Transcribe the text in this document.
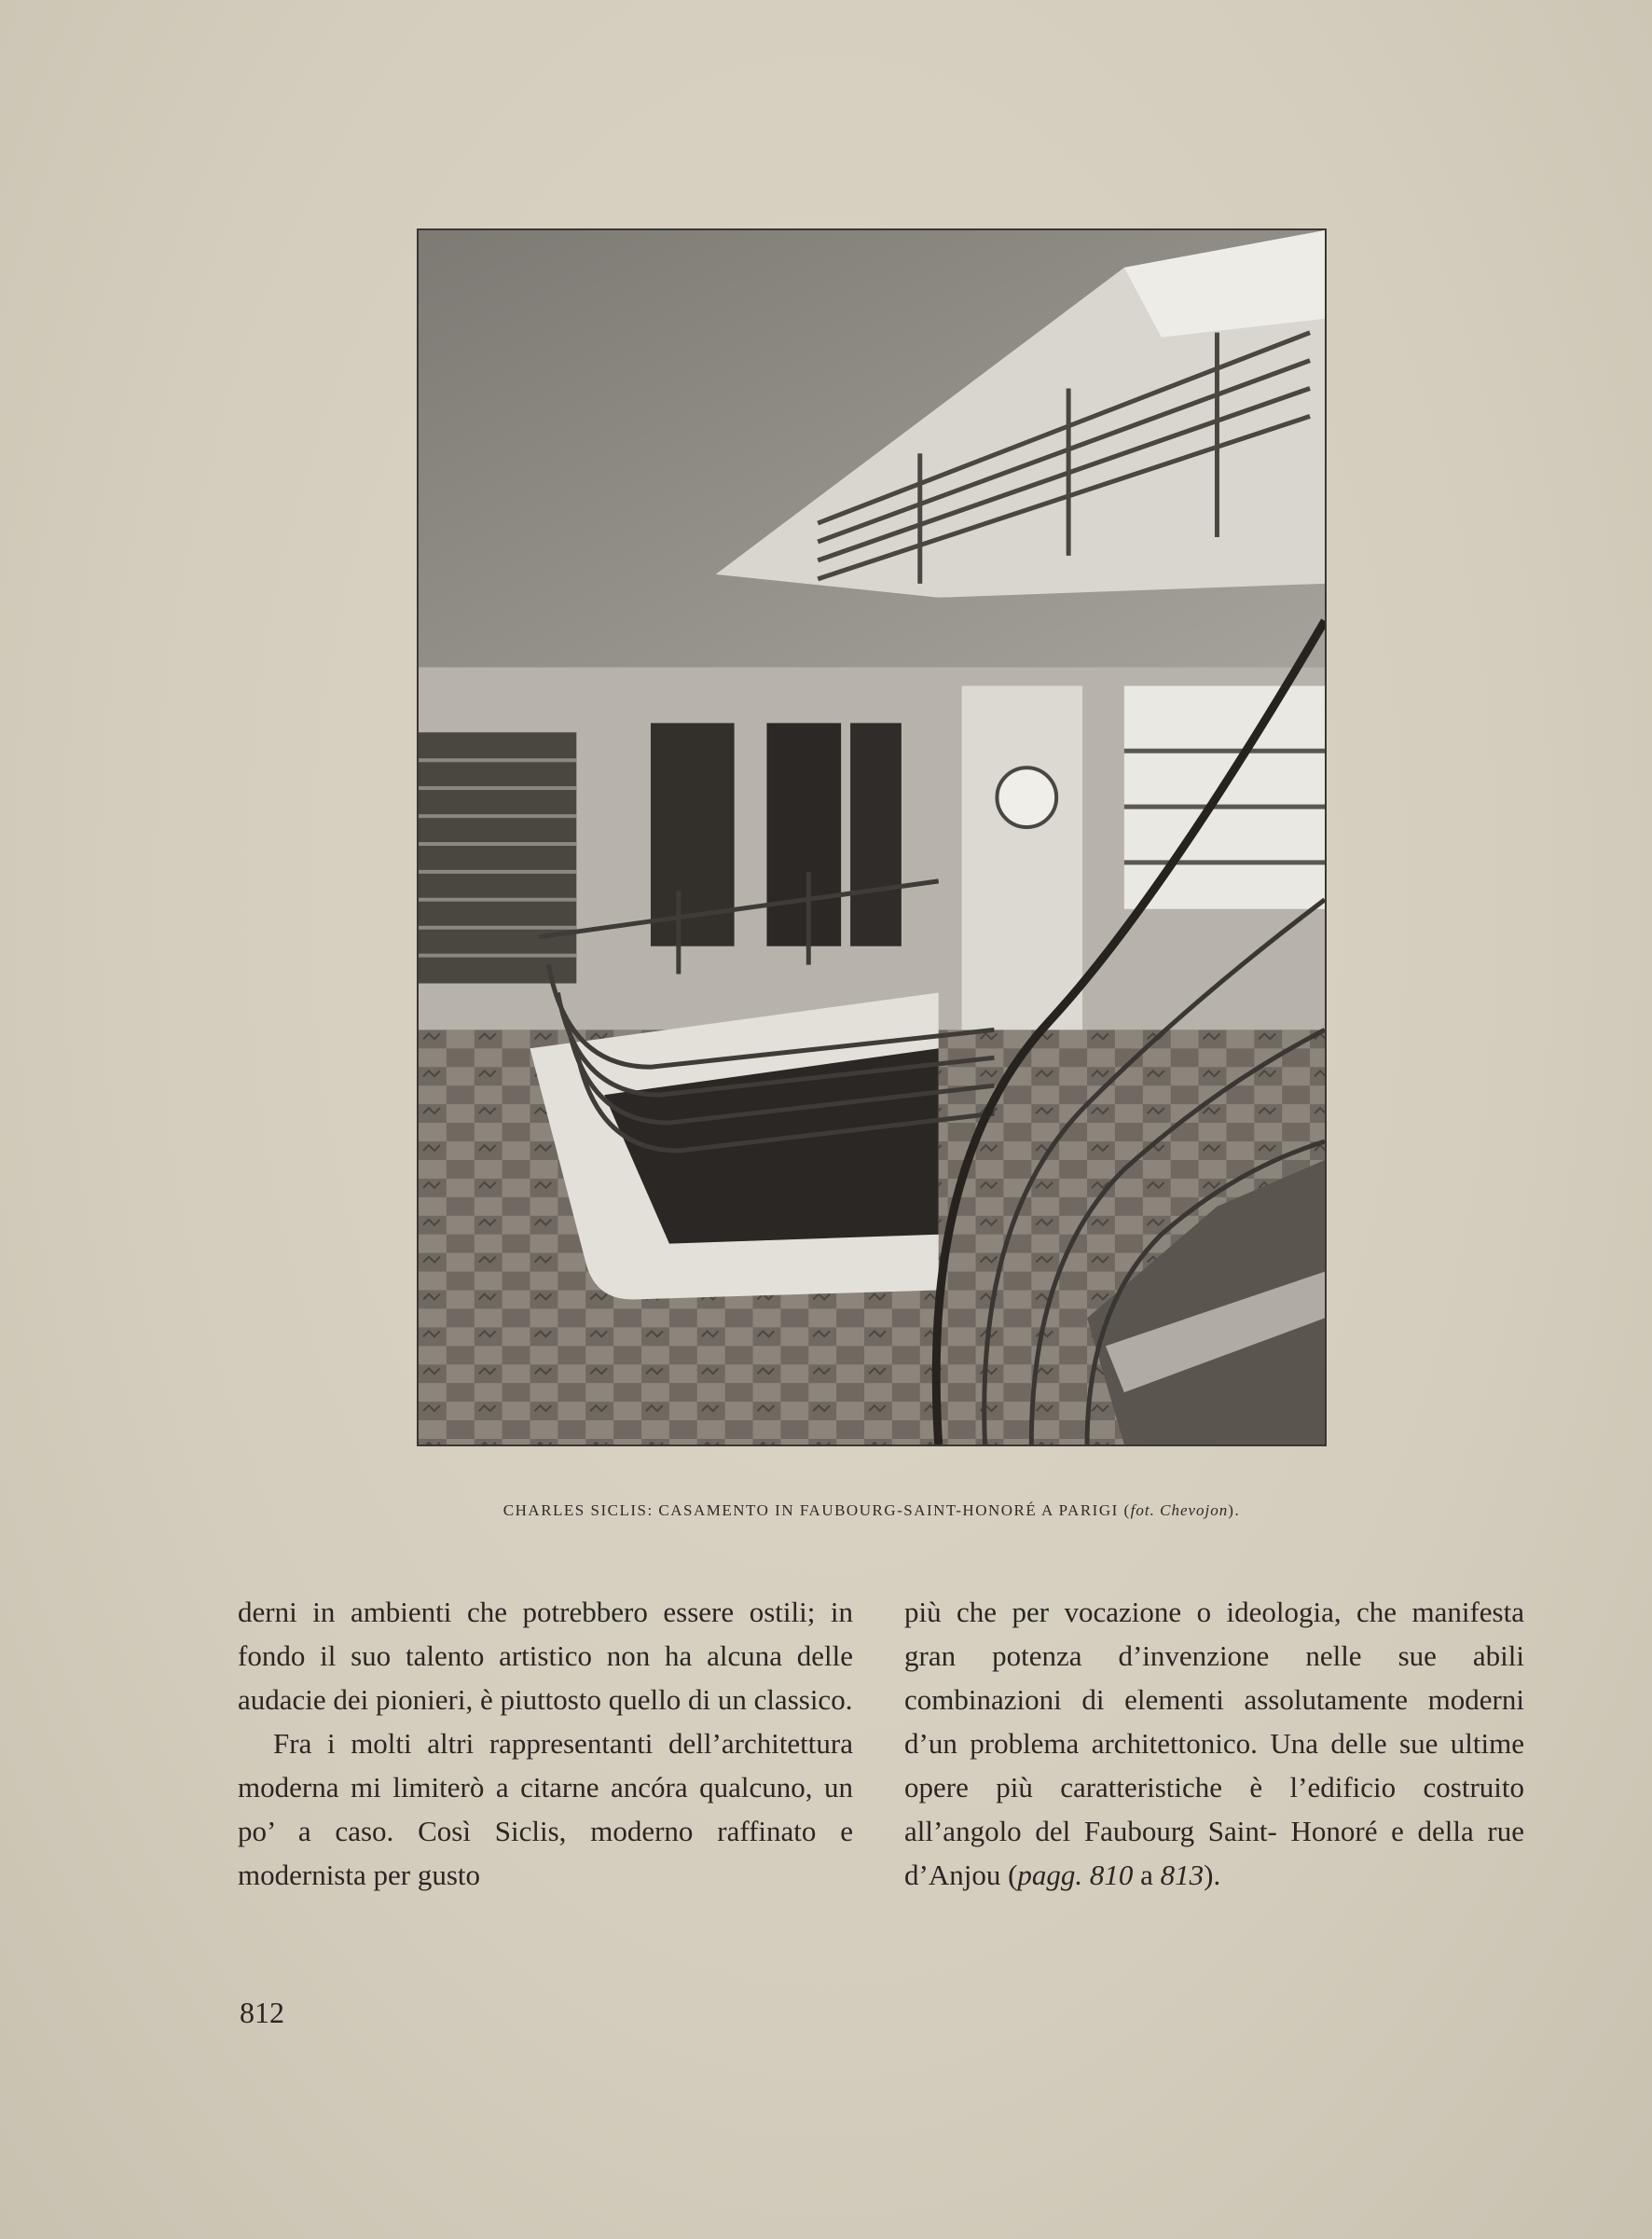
CHARLES SICLIS: CASAMENTO IN FAUBOURG-SAINT-HONORÉ A PARIGI (fot. Chevojon).

derni in ambienti che potrebbero essere ostili; in fondo il suo talento artistico non ha alcuna delle audacie dei pionieri, è piuttosto quello di un classico.

Fra i molti altri rappresentanti dell’architettura moderna mi limiterò a citarne ancóra qualcuno, un po’ a caso. Così Siclis, moderno raffinato e modernista per gusto

più che per vocazione o ideologia, che manifesta gran potenza d’invenzione nelle sue abili combinazioni di elementi assolutamente moderni d’un problema architettonico. Una delle sue ultime opere più caratteristiche è l’edificio costruito all’angolo del Faubourg Saint- Honoré e della rue d’Anjou (pagg. 810 a 813).

812
